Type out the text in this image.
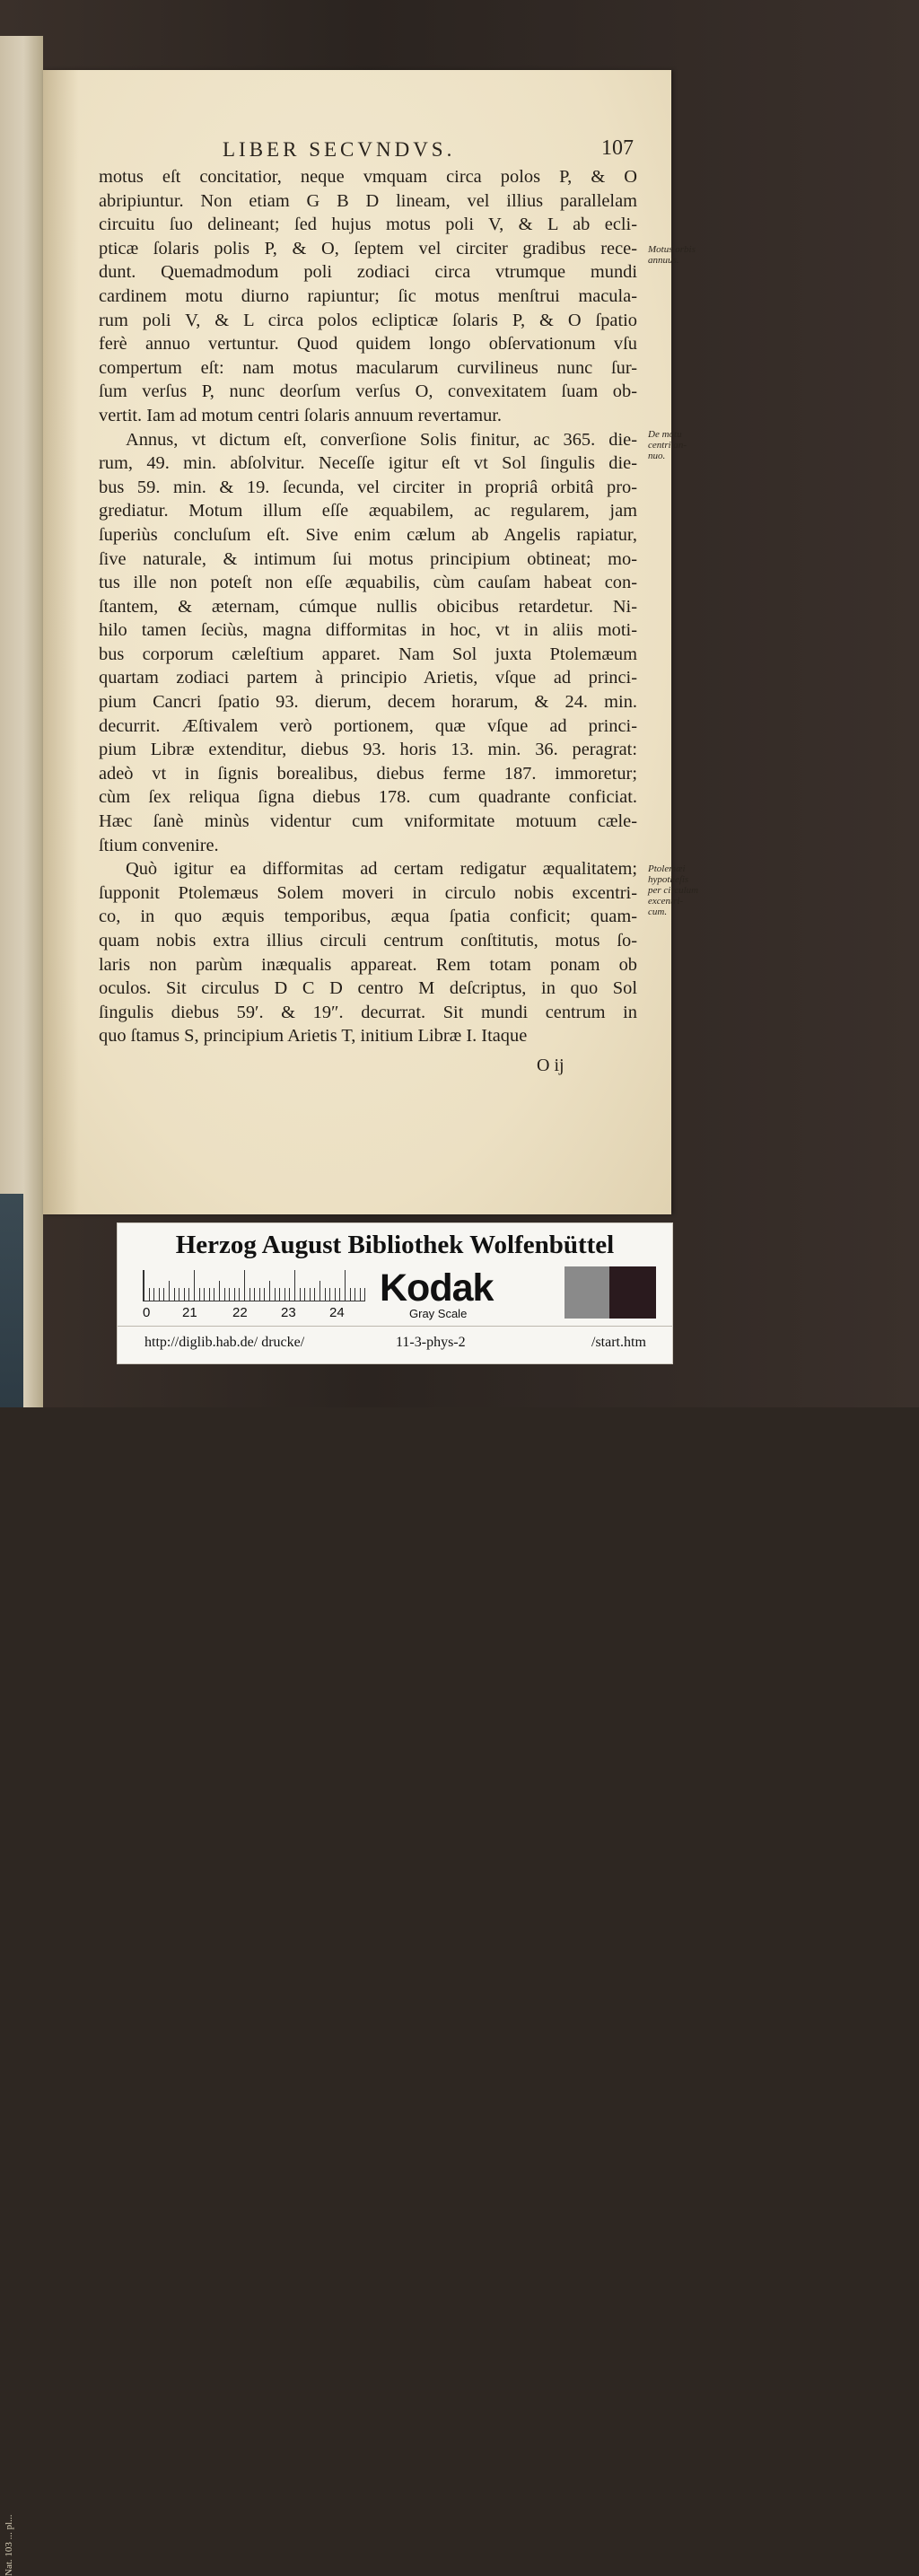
Nat. 103 ... pl...
LIBER SECVNDVS.	107
motus eſt concitatior, neque vmquam circa polos P, & O
abripiuntur. Non etiam G B D lineam, vel illius parallelam
circuitu ſuo delineant; ſed hujus motus poli V, & L ab ecli-
pticæ ſolaris polis P, & O, ſeptem vel circiter gradibus rece-
dunt. Quemadmodum poli zodiaci circa vtrumque mundi
cardinem motu diurno rapiuntur; ſic motus menſtrui macula-
rum poli V, & L circa polos eclipticæ ſolaris P, & O ſpatio
ferè annuo vertuntur. Quod quidem longo obſervationum vſu
compertum eſt: nam motus macularum curvilineus nunc ſur-
ſum verſus P, nunc deorſum verſus O, convexitatem ſuam ob-
vertit. Iam ad motum centri ſolaris annuum revertamur.
Annus, vt dictum eſt, converſione Solis finitur, ac 365. die-
rum, 49. min. abſolvitur. Neceſſe igitur eſt vt Sol ſingulis die-
bus 59. min. & 19. ſecunda, vel circiter in propriâ orbitâ pro-
grediatur. Motum illum eſſe æquabilem, ac regularem, jam
ſuperiùs concluſum eſt. Sive enim cælum ab Angelis rapiatur,
ſive naturale, & intimum ſui motus principium obtineat; mo-
tus ille non poteſt non eſſe æquabilis, cùm cauſam habeat con-
ſtantem, & æternam, cúmque nullis obicibus retardetur. Ni-
hilo tamen ſeciùs, magna difformitas in hoc, vt in aliis moti-
bus corporum cæleſtium apparet. Nam Sol juxta Ptolemæum
quartam zodiaci partem à principio Arietis, vſque ad princi-
pium Cancri ſpatio 93. dierum, decem horarum, & 24. min.
decurrit. Æſtivalem verò portionem, quæ vſque ad princi-
pium Libræ extenditur, diebus 93. horis 13. min. 36. peragrat:
adeò vt in ſignis borealibus, diebus ferme 187. immoretur;
cùm ſex reliqua ſigna diebus 178. cum quadrante conficiat.
Hæc ſanè minùs videntur cum vniformitate motuum cæle-
ſtium convenire.
Quò igitur ea difformitas ad certam redigatur æqualitatem;
ſupponit Ptolemæus Solem moveri in circulo nobis excentri-
co, in quo æquis temporibus, æqua ſpatia conficit; quam-
quam nobis extra illius circuli centrum conſtitutis, motus ſo-
laris non parùm inæqualis appareat. Rem totam ponam ob
oculos. Sit circulus D C D centro M deſcriptus, in quo Sol
ſingulis diebus 59′. & 19″. decurrat. Sit mundi centrum in
quo ſtamus S, principium Arietis T, initium Libræ I. Itaque
O ij
Motus orbis
annuus.
De motu
centri an-
nuo.
Ptolemæi
hypotheſis
per circulum
excentri-
cum.
Herzog August Bibliothek Wolfenbüttel
0 21	22 23 24
Kodak
Gray Scale
http://diglib.hab.de/ drucke/	11-3-phys-2	/start.htm
